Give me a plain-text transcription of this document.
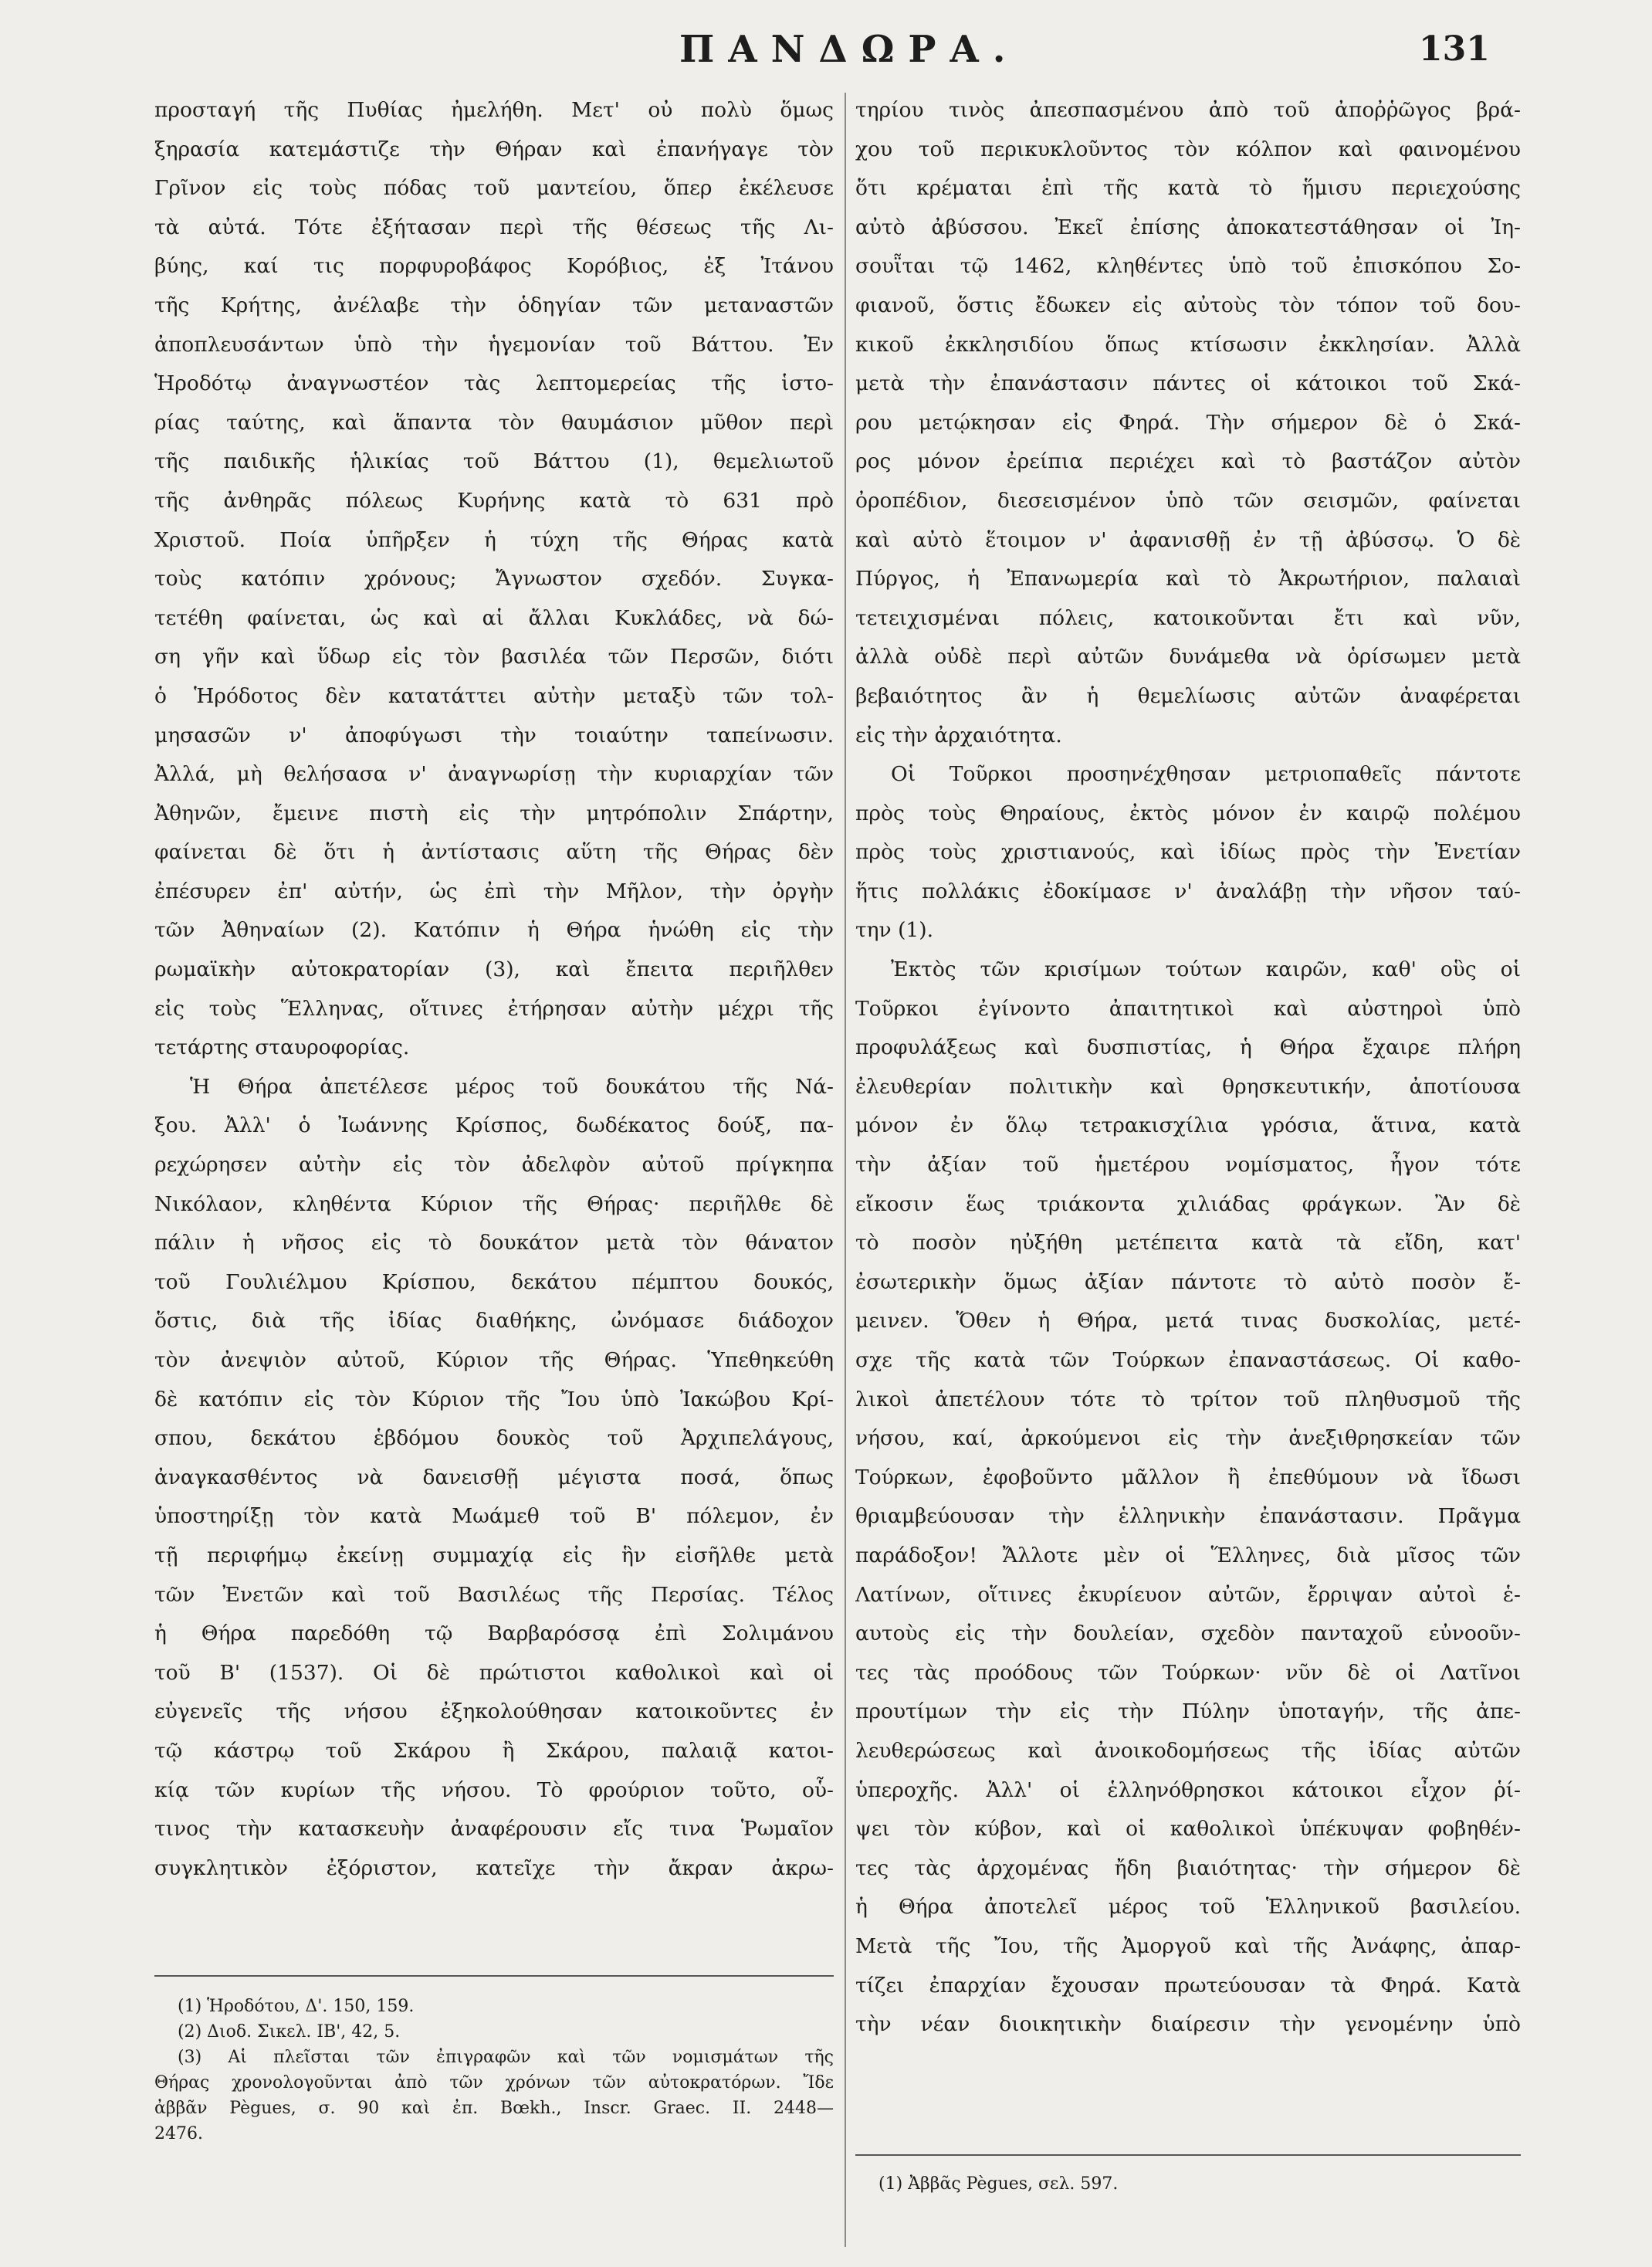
ΠΑΝΔΩΡΑ.	131
προσταγή τῆς Πυθίας ἠμελήθη. Μετ' οὐ πολὺ ὅμως
ξηρασία κατεμάστιζε τὴν Θήραν καὶ ἐπανήγαγε τὸν
Γρῖνον εἰς τοὺς πόδας τοῦ μαντείου, ὅπερ ἐκέλευσε
τὰ αὐτά. Τότε ἐξήτασαν περὶ τῆς θέσεως τῆς Λι-
βύης, καί τις πορφυροβάφος Κορόβιος, ἐξ Ἰτάνου
τῆς Κρήτης, ἀνέλαβε τὴν ὁδηγίαν τῶν μεταναστῶν
ἀποπλευσάντων ὑπὸ τὴν ἡγεμονίαν τοῦ Βάττου. Ἐν
Ἡροδότῳ ἀναγνωστέον τὰς λεπτομερείας τῆς ἱστο-
ρίας ταύτης, καὶ ἅπαντα τὸν θαυμάσιον μῦθον περὶ
τῆς παιδικῆς ἡλικίας τοῦ Βάττου (1), θεμελιωτοῦ
τῆς ἀνθηρᾶς πόλεως Κυρήνης κατὰ τὸ 631 πρὸ
Χριστοῦ. Ποία ὑπῆρξεν ἡ τύχη τῆς Θήρας κατὰ
τοὺς κατόπιν χρόνους; Ἄγνωστον σχεδόν. Συγκα-
τετέθη φαίνεται, ὡς καὶ αἱ ἄλλαι Κυκλάδες, νὰ δώ-
ση γῆν καὶ ὕδωρ εἰς τὸν βασιλέα τῶν Περσῶν, διότι
ὁ Ἡρόδοτος δὲν κατατάττει αὐτὴν μεταξὺ τῶν τολ-
μησασῶν ν' ἀποφύγωσι τὴν τοιαύτην ταπείνωσιν.
Ἀλλά, μὴ θελήσασα ν' ἀναγνωρίσῃ τὴν κυριαρχίαν τῶν
Ἀθηνῶν, ἔμεινε πιστὴ εἰς τὴν μητρόπολιν Σπάρτην,
φαίνεται δὲ ὅτι ἡ ἀντίστασις αὕτη τῆς Θήρας δὲν
ἐπέσυρεν ἐπ' αὐτήν, ὡς ἐπὶ τὴν Μῆλον, τὴν ὀργὴν
τῶν Ἀθηναίων (2). Κατόπιν ἡ Θήρα ἡνώθη εἰς τὴν
ρωμαϊκὴν αὐτοκρατορίαν (3), καὶ ἔπειτα περιῆλθεν
εἰς τοὺς Ἕλληνας, οἵτινες ἐτήρησαν αὐτὴν μέχρι τῆς
τετάρτης σταυροφορίας.
Ἡ Θήρα ἀπετέλεσε μέρος τοῦ δουκάτου τῆς Νά-
ξου. Ἀλλ' ὁ Ἰωάννης Κρίσπος, δωδέκατος δούξ, πα-
ρεχώρησεν αὐτὴν εἰς τὸν ἀδελφὸν αὐτοῦ πρίγκηπα
Νικόλαον, κληθέντα Κύριον τῆς Θήρας· περιῆλθε δὲ
πάλιν ἡ νῆσος εἰς τὸ δουκάτον μετὰ τὸν θάνατον
τοῦ Γουλιέλμου Κρίσπου, δεκάτου πέμπτου δουκός,
ὅστις, διὰ τῆς ἰδίας διαθήκης, ὠνόμασε διάδοχον
τὸν ἀνεψιὸν αὐτοῦ, Κύριον τῆς Θήρας. Ὑπεθηκεύθη
δὲ κατόπιν εἰς τὸν Κύριον τῆς Ἴου ὑπὸ Ἰακώβου Κρί-
σπου, δεκάτου ἑβδόμου δουκὸς τοῦ Ἀρχιπελάγους,
ἀναγκασθέντος νὰ δανεισθῇ μέγιστα ποσά, ὅπως
ὑποστηρίξῃ τὸν κατὰ Μωάμεθ τοῦ Β' πόλεμον, ἐν
τῇ περιφήμῳ ἐκείνῃ συμμαχίᾳ εἰς ἣν εἰσῆλθε μετὰ
τῶν Ἐνετῶν καὶ τοῦ Βασιλέως τῆς Περσίας. Τέλος
ἡ Θήρα παρεδόθη τῷ Βαρβαρόσσᾳ ἐπὶ Σολιμάνου
τοῦ Β' (1537). Οἱ δὲ πρώτιστοι καθολικοὶ καὶ οἱ
εὐγενεῖς τῆς νήσου ἐξηκολούθησαν κατοικοῦντες ἐν
τῷ κάστρῳ τοῦ Σκάρου ἢ Σκάρου, παλαιᾷ κατοι-
κίᾳ τῶν κυρίων τῆς νήσου. Τὸ φρούριον τοῦτο, οὗ-
τινος τὴν κατασκευὴν ἀναφέρουσιν εἴς τινα Ῥωμαῖον
συγκλητικὸν ἐξόριστον, κατεῖχε τὴν ἄκραν ἀκρω-
τηρίου τινὸς ἀπεσπασμένου ἀπὸ τοῦ ἀποῤῥῶγος βρά-
χου τοῦ περικυκλοῦντος τὸν κόλπον καὶ φαινομένου
ὅτι κρέμαται ἐπὶ τῆς κατὰ τὸ ἥμισυ περιεχούσης
αὐτὸ ἀβύσσου. Ἐκεῖ ἐπίσης ἀποκατεστάθησαν οἱ Ἰη-
σουῗται τῷ 1462, κληθέντες ὑπὸ τοῦ ἐπισκόπου Σο-
φιανοῦ, ὅστις ἔδωκεν εἰς αὐτοὺς τὸν τόπον τοῦ δου-
κικοῦ ἐκκλησιδίου ὅπως κτίσωσιν ἐκκλησίαν. Ἀλλὰ
μετὰ τὴν ἐπανάστασιν πάντες οἱ κάτοικοι τοῦ Σκά-
ρου μετῴκησαν εἰς Φηρά. Τὴν σήμερον δὲ ὁ Σκά-
ρος μόνον ἐρείπια περιέχει καὶ τὸ βαστάζον αὐτὸν
ὀροπέδιον, διεσεισμένον ὑπὸ τῶν σεισμῶν, φαίνεται
καὶ αὐτὸ ἕτοιμον ν' ἀφανισθῇ ἐν τῇ ἀβύσσῳ. Ὁ δὲ
Πύργος, ἡ Ἐπανωμερία καὶ τὸ Ἀκρωτήριον, παλαιαὶ
τετειχισμέναι πόλεις, κατοικοῦνται ἔτι καὶ νῦν,
ἀλλὰ οὐδὲ περὶ αὐτῶν δυνάμεθα νὰ ὁρίσωμεν μετὰ
βεβαιότητος ἂν ἡ θεμελίωσις αὐτῶν ἀναφέρεται
εἰς τὴν ἀρχαιότητα.
Οἱ Τοῦρκοι προσηνέχθησαν μετριοπαθεῖς πάντοτε
πρὸς τοὺς Θηραίους, ἐκτὸς μόνον ἐν καιρῷ πολέμου
πρὸς τοὺς χριστιανούς, καὶ ἰδίως πρὸς τὴν Ἐνετίαν
ἥτις πολλάκις ἐδοκίμασε ν' ἀναλάβῃ τὴν νῆσον ταύ-
την (1).
Ἐκτὸς τῶν κρισίμων τούτων καιρῶν, καθ' οὓς οἱ
Τοῦρκοι ἐγίνοντο ἀπαιτητικοὶ καὶ αὐστηροὶ ὑπὸ
προφυλάξεως καὶ δυσπιστίας, ἡ Θήρα ἔχαιρε πλήρη
ἐλευθερίαν πολιτικὴν καὶ θρησκευτικήν, ἀποτίουσα
μόνον ἐν ὅλῳ τετρακισχίλια γρόσια, ἅτινα, κατὰ
τὴν ἀξίαν τοῦ ἡμετέρου νομίσματος, ἦγον τότε
εἴκοσιν ἕως τριάκοντα χιλιάδας φράγκων. Ἂν δὲ
τὸ ποσὸν ηὐξήθη μετέπειτα κατὰ τὰ εἴδη, κατ'
ἐσωτερικὴν ὅμως ἀξίαν πάντοτε τὸ αὐτὸ ποσὸν ἔ-
μεινεν. Ὅθεν ἡ Θήρα, μετά τινας δυσκολίας, μετέ-
σχε τῆς κατὰ τῶν Τούρκων ἐπαναστάσεως. Οἱ καθο-
λικοὶ ἀπετέλουν τότε τὸ τρίτον τοῦ πληθυσμοῦ τῆς
νήσου, καί, ἀρκούμενοι εἰς τὴν ἀνεξιθρησκείαν τῶν
Τούρκων, ἐφοβοῦντο μᾶλλον ἢ ἐπεθύμουν νὰ ἴδωσι
θριαμβεύουσαν τὴν ἑλληνικὴν ἐπανάστασιν. Πρᾶγμα
παράδοξον! Ἄλλοτε μὲν οἱ Ἕλληνες, διὰ μῖσος τῶν
Λατίνων, οἵτινες ἐκυρίευον αὐτῶν, ἔρριψαν αὐτοὶ ἑ-
αυτοὺς εἰς τὴν δουλείαν, σχεδὸν πανταχοῦ εὐνοοῦν-
τες τὰς προόδους τῶν Τούρκων· νῦν δὲ οἱ Λατῖνοι
προυτίμων τὴν εἰς τὴν Πύλην ὑποταγήν, τῆς ἀπε-
λευθερώσεως καὶ ἀνοικοδομήσεως τῆς ἰδίας αὐτῶν
ὑπεροχῆς. Ἀλλ' οἱ ἑλληνόθρησκοι κάτοικοι εἶχον ῥί-
ψει τὸν κύβον, καὶ οἱ καθολικοὶ ὑπέκυψαν φοβηθέν-
τες τὰς ἀρχομένας ἤδη βιαιότητας· τὴν σήμερον δὲ
ἡ Θήρα ἀποτελεῖ μέρος τοῦ Ἑλληνικοῦ βασιλείου.
Μετὰ τῆς Ἴου, τῆς Ἀμοργοῦ καὶ τῆς Ἀνάφης, ἀπαρ-
τίζει ἐπαρχίαν ἔχουσαν πρωτεύουσαν τὰ Φηρά. Κατὰ
τὴν νέαν διοικητικὴν διαίρεσιν τὴν γενομένην ὑπὸ
(1) Ἡροδότου, Δ'. 150, 159.
(2) Διοδ. Σικελ. ΙΒ', 42, 5.
(3) Αἱ πλεῖσται τῶν ἐπιγραφῶν καὶ τῶν νομισμάτων τῆς
Θήρας χρονολογοῦνται ἀπὸ τῶν χρόνων τῶν αὐτοκρατόρων. Ἴδε
ἀββᾶν Pègues, σ. 90 καὶ ἐπ. Bœkh., Inscr. Graec. II. 2448—
2476.
(1) Ἀββᾶς Pègues, σελ. 597.
